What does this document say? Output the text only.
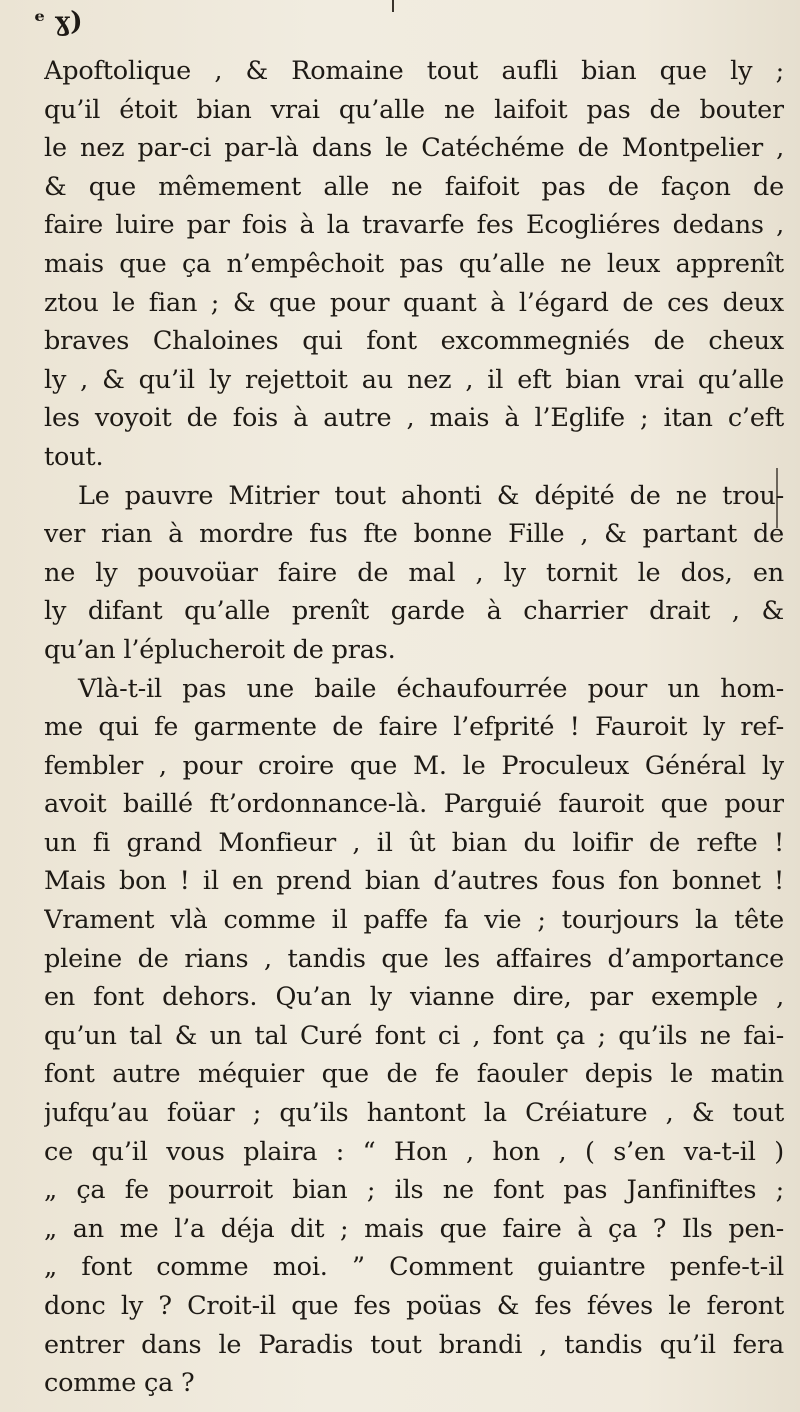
ᵉ ɣ)
Apoftolique , & Romaine tout aufli bian que ly ;
qu’il étoit bian vrai qu’alle ne laifoit pas de bouter
le nez par-ci par-là dans le Catéchéme de Montpelier ,
& que mêmement alle ne faifoit pas de façon de
faire luire par fois à la travarfe fes Ecogliéres dedans ,
mais que ça n’empêchoit pas qu’alle ne leux apprenît
ztou le fian ; & que pour quant à l’égard de ces deux
braves Chaloines qui font excommegniés de cheux
ly , & qu’il ly rejettoit au nez , il eft bian vrai qu’alle
les voyoit de fois à autre , mais à l’Eglife ; itan c’eft
tout.
Le pauvre Mitrier tout ahonti & dépité de ne trou-
ver rian à mordre fus fte bonne Fille , & partant de
ne ly pouvoüar faire de mal , ly tornit le dos, en
ly difant qu’alle prenît garde à charrier drait , &
qu’an l’éplucheroit de pras.
Vlà-t-il pas une baile échaufourrée pour un hom-
me qui fe garmente de faire l’efprité ! Fauroit ly ref-
fembler , pour croire que M. le Proculeux Général ly
avoit baillé ft’ordonnance-là. Parguié fauroit que pour
un fi grand Monfieur , il ût bian du loifir de refte !
Mais bon ! il en prend bian d’autres fous fon bonnet !
Vrament vlà comme il paffe fa vie ; tourjours la tête
pleine de rians , tandis que les affaires d’amportance
en font dehors. Qu’an ly vianne dire, par exemple ,
qu’un tal & un tal Curé font ci , font ça ; qu’ils ne fai-
font autre méquier que de fe faouler depis le matin
jufqu’au foüar ; qu’ils hantont la Créiature , & tout
ce qu’il vous plaira : “ Hon , hon , ( s’en va-t-il )
„ ça fe pourroit bian ; ils ne font pas Janfiniftes ;
„ an me l’a déja dit ; mais que faire à ça ? Ils pen-
„ font comme moi. ” Comment guiantre penfe-t-il
donc ly ? Croit-il que fes poüas & fes féves le feront
entrer dans le Paradis tout brandi , tandis qu’il fera
comme ça ?
